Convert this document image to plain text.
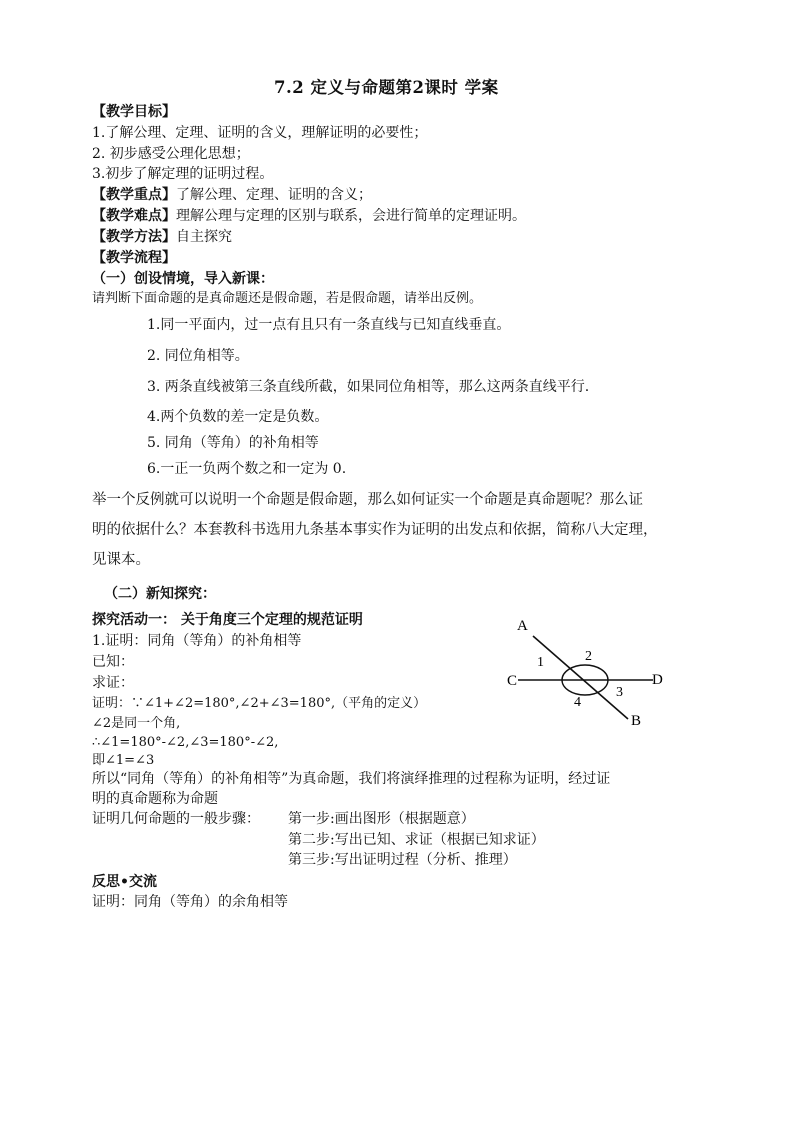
7.2 定义与命题第2课时 学案
【教学目标】
1.了解公理、定理、证明的含义，理解证明的必要性；
2. 初步感受公理化思想；
3.初步了解定理的证明过程。
【教学重点】了解公理、定理、证明的含义；
【教学难点】理解公理与定理的区别与联系，会进行简单的定理证明。
【教学方法】自主探究
【教学流程】
（一）创设情境，导入新课：
请判断下面命题的是真命题还是假命题，若是假命题，请举出反例。
1.同一平面内，过一点有且只有一条直线与已知直线垂直。
2. 同位角相等。
3. 两条直线被第三条直线所截，如果同位角相等，那么这两条直线平行.
4.两个负数的差一定是负数。
5. 同角（等角）的补角相等
6.一正一负两个数之和一定为 0.
举一个反例就可以说明一个命题是假命题，那么如何证实一个命题是真命题呢？那么证
明的依据什么？本套教科书选用九条基本事实作为证明的出发点和依据，简称八大定理，
见课本。
（二）新知探究：
探究活动一： 关于角度三个定理的规范证明
1.证明：同角（等角）的补角相等
已知：
求证：
证明：∵∠1+∠2=180°,∠2+∠3=180°,（平角的定义）
∠2是同一个角,
∴∠1=180°-∠2,∠3=180°-∠2,
即∠1=∠3
所以“同角（等角）的补角相等”为真命题，我们将演绎推理的过程称为证明，经过证
明的真命题称为命题
证明几何命题的一般步骤： 第一步:画出图形（根据题意）
第二步:写出已知、求证（根据已知求证）
第三步:写出证明过程（分析、推理）
反思•交流
证明：同角（等角）的余角相等
A
C	D
B
1	2
3
4
